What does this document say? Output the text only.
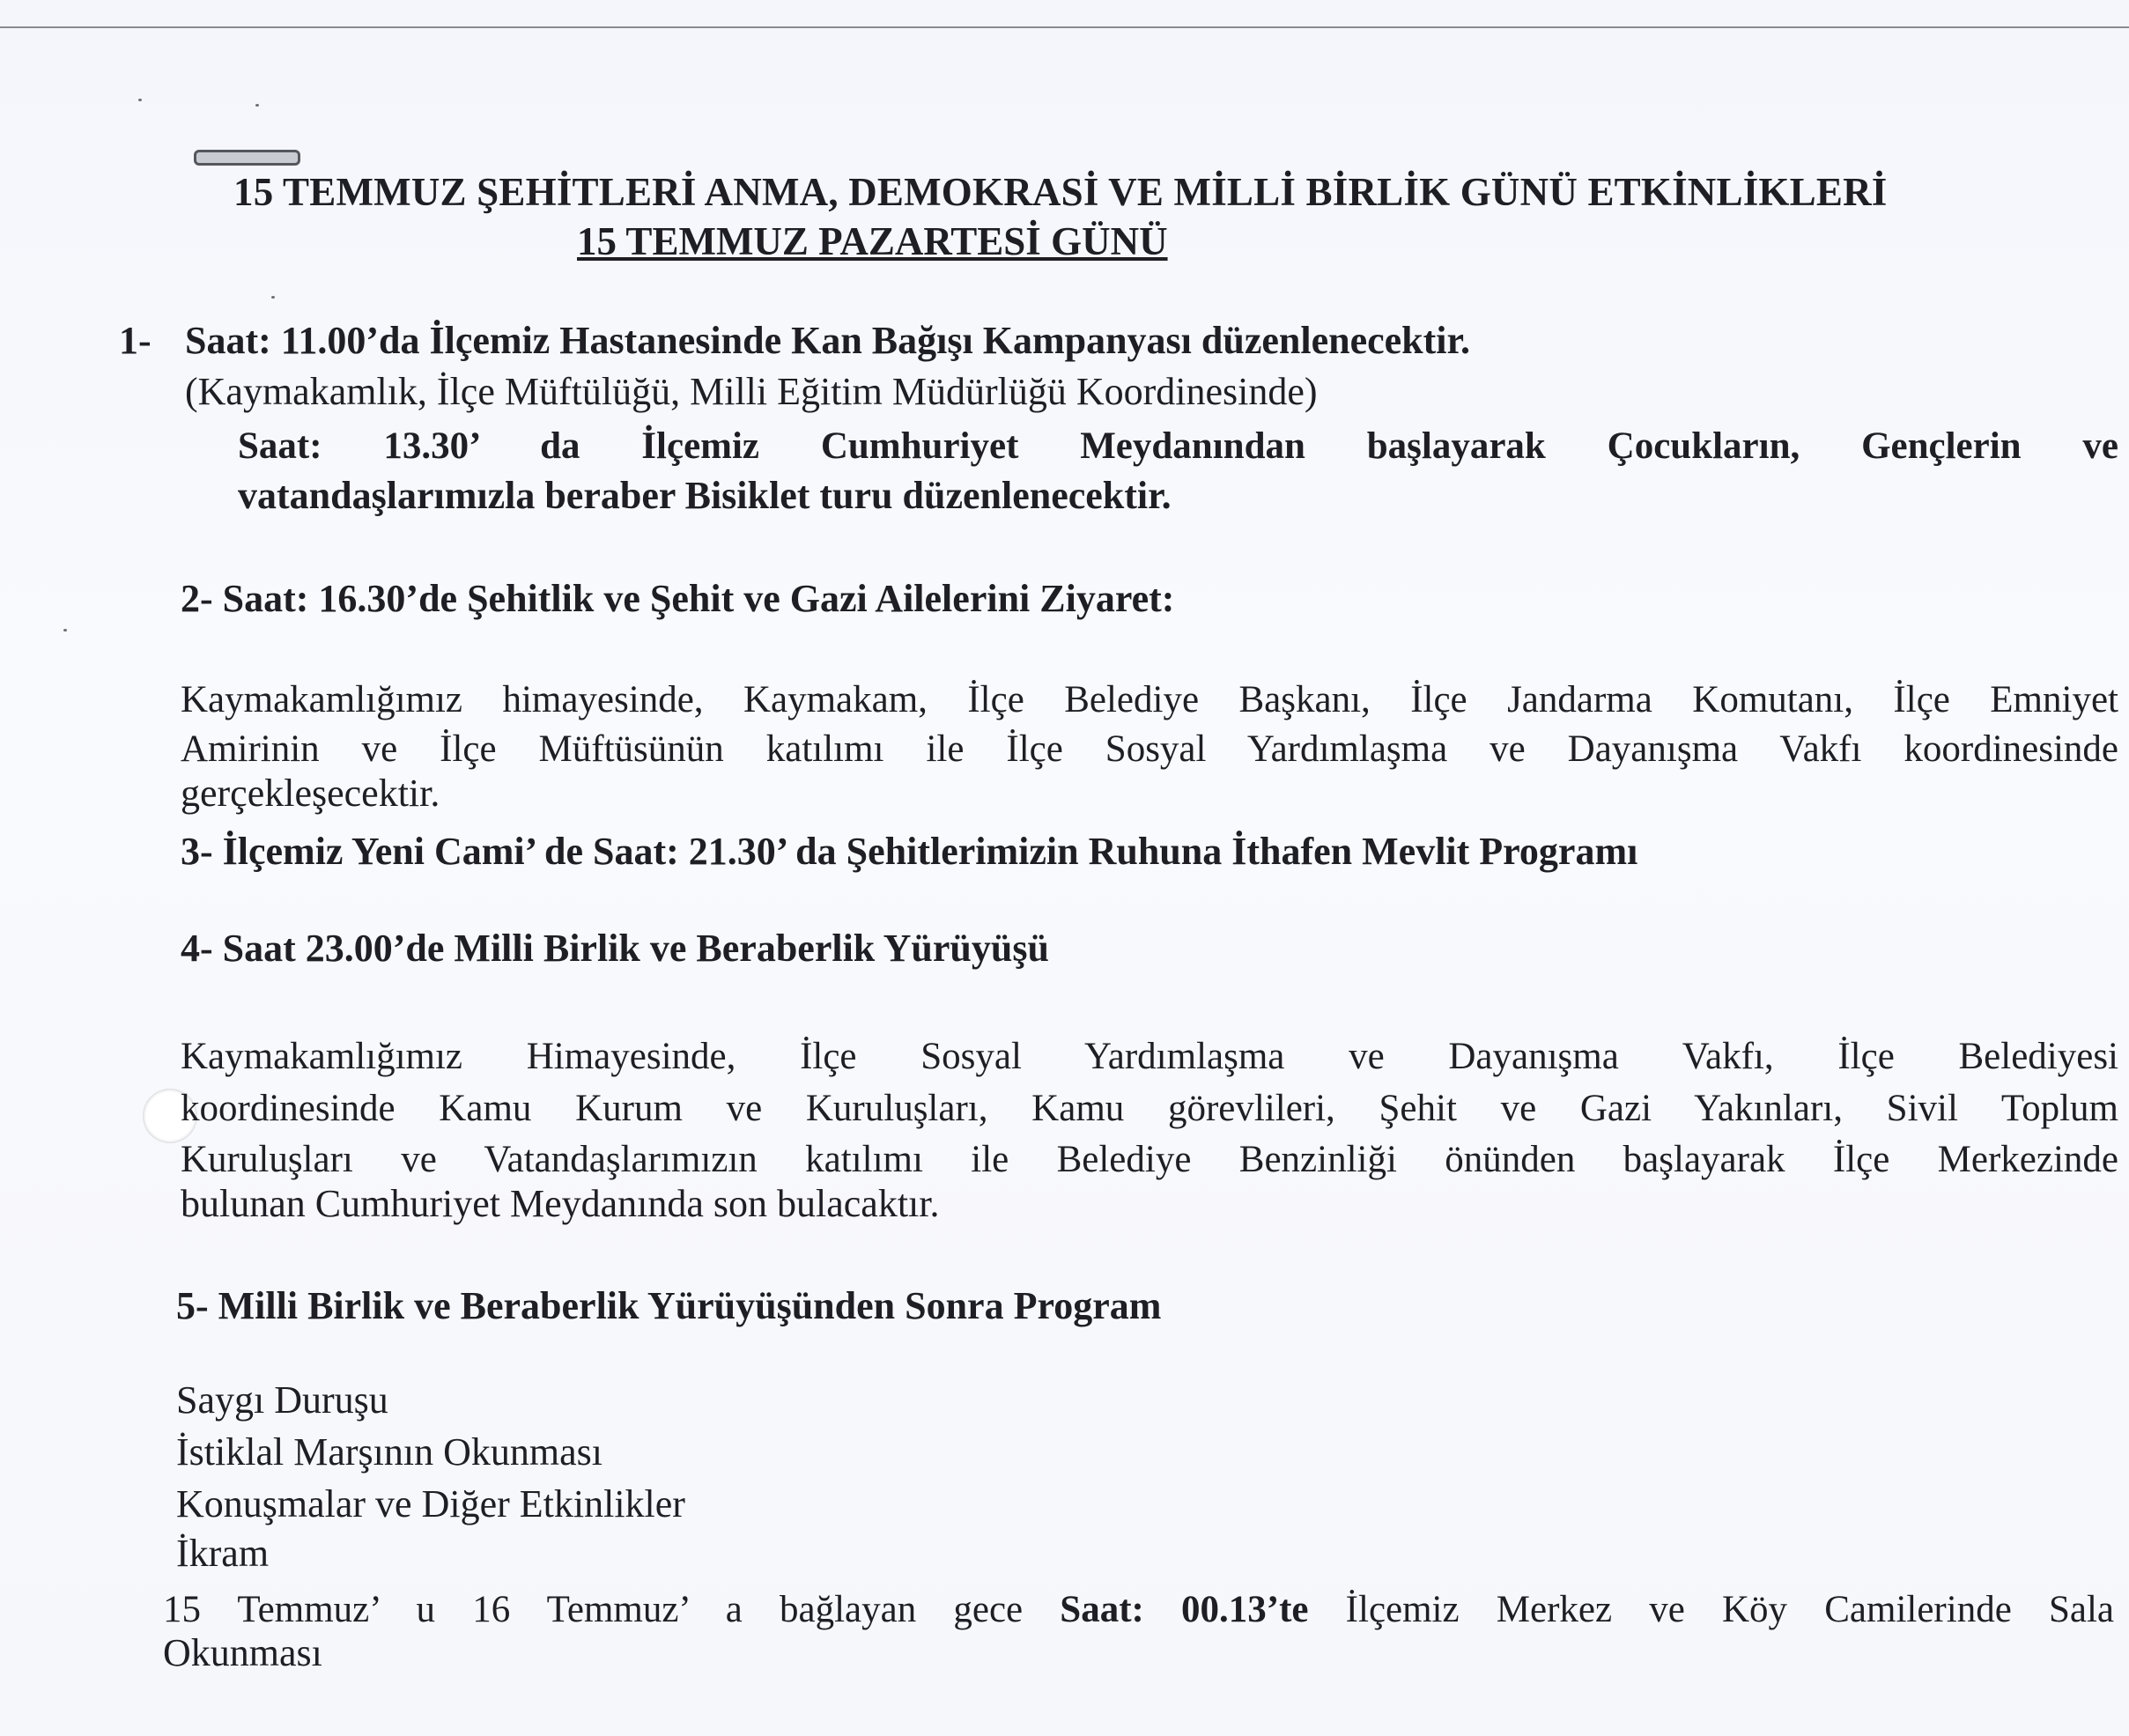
15 TEMMUZ ŞEHİTLERİ ANMA, DEMOKRASİ VE MİLLİ BİRLİK GÜNÜ ETKİNLİKLERİ
15 TEMMUZ PAZARTESİ GÜNÜ
1- Saat: 11.00’da İlçemiz Hastanesinde Kan Bağışı Kampanyası düzenlenecektir.
(Kaymakamlık, İlçe Müftülüğü, Milli Eğitim Müdürlüğü Koordinesinde)
Saat: 13.30’ da İlçemiz Cumhuriyet Meydanından başlayarak Çocukların, Gençlerin ve
vatandaşlarımızla beraber Bisiklet turu düzenlenecektir.
2- Saat: 16.30’de Şehitlik ve Şehit ve Gazi Ailelerini Ziyaret:
Kaymakamlığımız himayesinde, Kaymakam, İlçe Belediye Başkanı, İlçe Jandarma Komutanı, İlçe Emniyet
Amirinin ve İlçe Müftüsünün katılımı ile İlçe Sosyal Yardımlaşma ve Dayanışma Vakfı koordinesinde
gerçekleşecektir.
3- İlçemiz Yeni Cami’ de Saat: 21.30’ da Şehitlerimizin Ruhuna İthafen Mevlit Programı
4- Saat 23.00’de Milli Birlik ve Beraberlik Yürüyüşü
Kaymakamlığımız Himayesinde, İlçe Sosyal Yardımlaşma ve Dayanışma Vakfı, İlçe Belediyesi
koordinesinde Kamu Kurum ve Kuruluşları, Kamu görevlileri, Şehit ve Gazi Yakınları, Sivil Toplum
Kuruluşları ve Vatandaşlarımızın katılımı ile Belediye Benzinliği önünden başlayarak İlçe Merkezinde
bulunan Cumhuriyet Meydanında son bulacaktır.
5- Milli Birlik ve Beraberlik Yürüyüşünden Sonra Program
Saygı Duruşu
İstiklal Marşının Okunması
Konuşmalar ve Diğer Etkinlikler
İkram
15 Temmuz’ u 16 Temmuz’ a bağlayan gece Saat: 00.13’te İlçemiz Merkez ve Köy Camilerinde Sala
Okunması
